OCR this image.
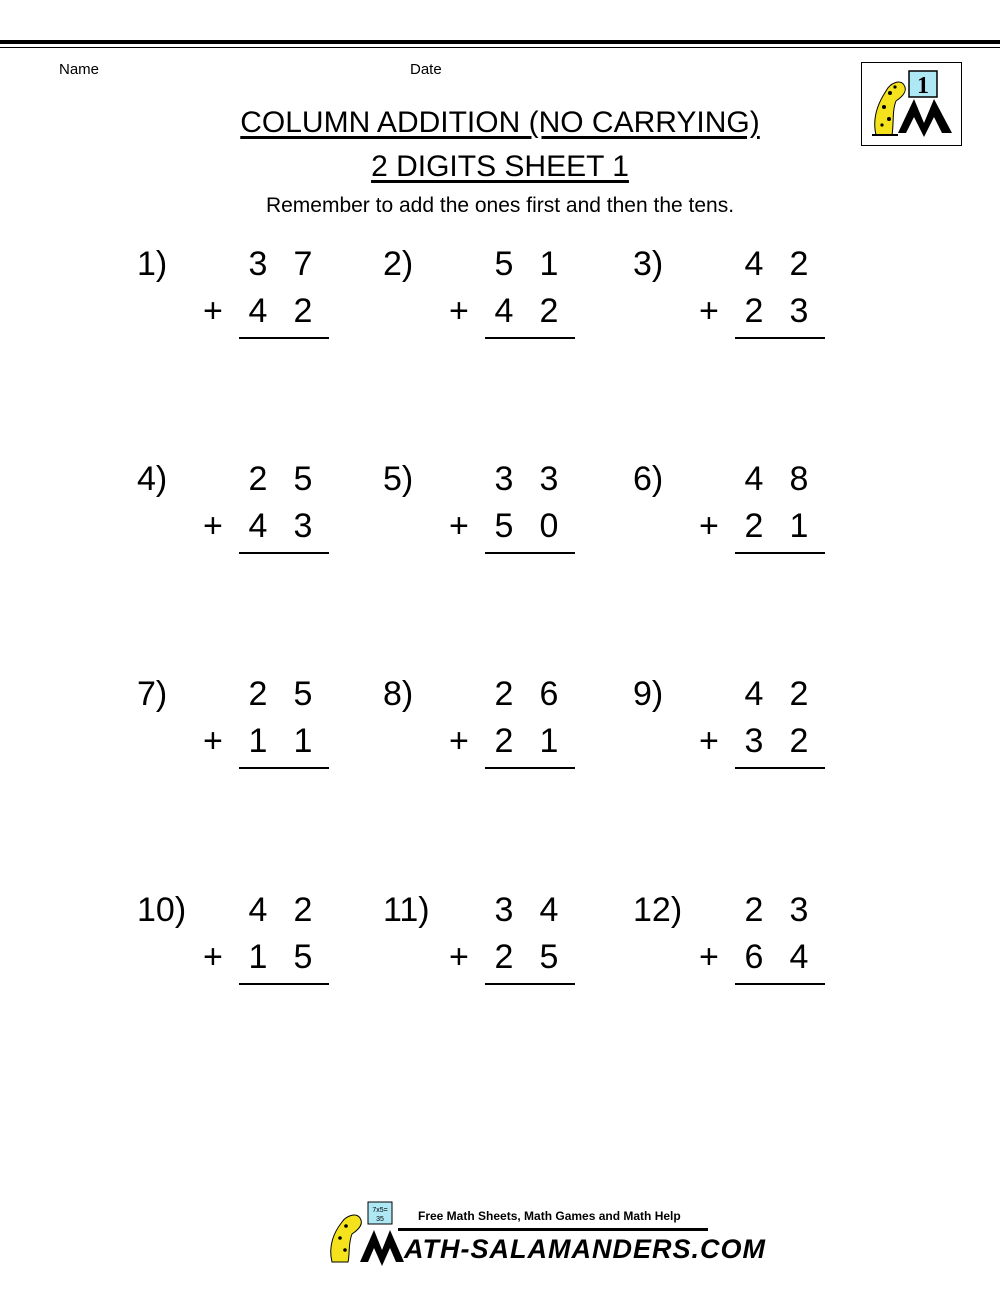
Name	Date
1
COLUMN ADDITION (NO CARRYING)
2 DIGITS SHEET 1
Remember to add the ones first and then the tens.
1) 3 7
4 2
+
2) 5 1
4 2
+
3) 4 2
2 3
+
4) 2 5
4 3
+
5) 3 3
5 0
+
6) 4 8
2 1
+
7) 2 5
1 1
+
8) 2 6
2 1
+
9) 4 2
3 2
+
10) 4 2
1 5
+
11) 3 4
2 5
+
12) 2 3
6 4
+
7x5=
35	Free Math Sheets, Math Games and Math Help
ATH-SALAMANDERS.COM
